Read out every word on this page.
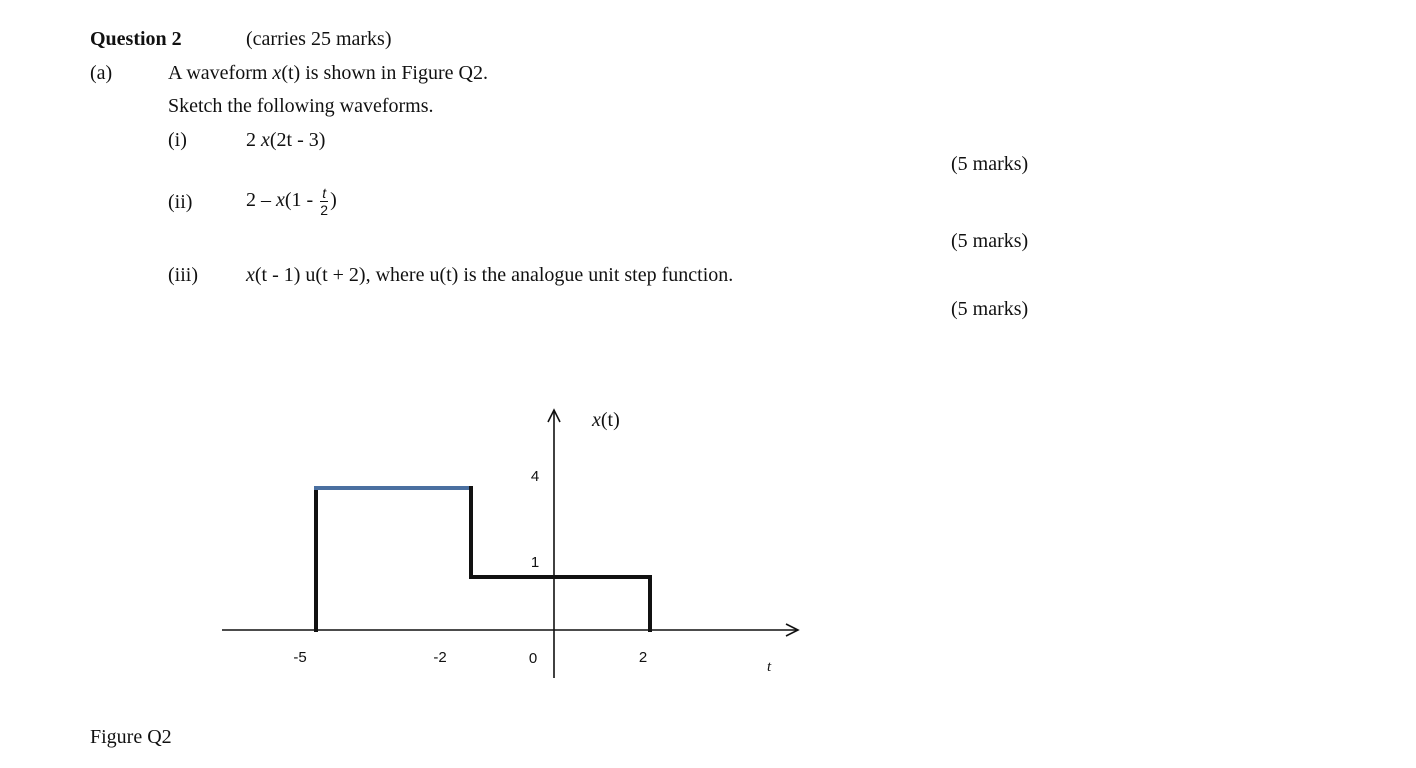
Question 2	(carries 25 marks)
(a)	A waveform x(t) is shown in Figure Q2.
Sketch the following waveforms.
(i)	2 x(2t - 3)
(5 marks)
(ii)	$2 - x(1 - \frac{t}{2}$ )
(5 marks)
(iii) x(t - 1) u(t + 2), where u(t) is the analogue unit step function.
(5 marks)
x(t)
t
-5	-2	0	2
4
1
Figure Q2
